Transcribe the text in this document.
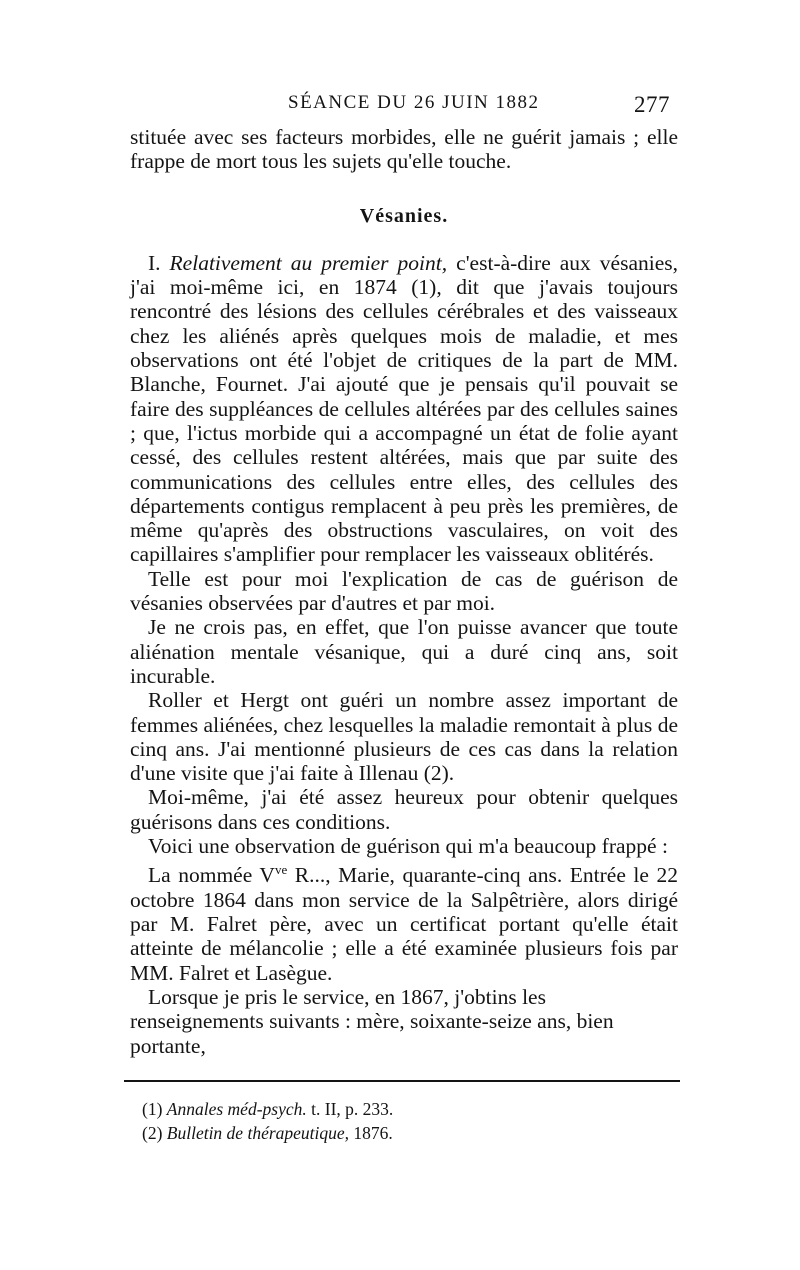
SÉANCE DU 26 JUIN 1882	277

stituée avec ses facteurs morbides, elle ne guérit jamais ; elle frappe de mort tous les sujets qu'elle touche.

Vésanies.

I. Relativement au premier point, c'est-à-dire aux vésanies, j'ai moi-même ici, en 1874 (1), dit que j'avais toujours rencontré des lésions des cellules cérébrales et des vaisseaux chez les aliénés après quelques mois de maladie, et mes observations ont été l'objet de critiques de la part de MM. Blanche, Fournet. J'ai ajouté que je pensais qu'il pouvait se faire des suppléances de cellules altérées par des cellules saines ; que, l'ictus morbide qui a accompagné un état de folie ayant cessé, des cellules restent altérées, mais que par suite des communications des cellules entre elles, des cellules des départements contigus remplacent à peu près les premières, de même qu'après des obstructions vasculaires, on voit des capillaires s'amplifier pour remplacer les vaisseaux oblitérés.

Telle est pour moi l'explication de cas de guérison de vésanies observées par d'autres et par moi.

Je ne crois pas, en effet, que l'on puisse avancer que toute aliénation mentale vésanique, qui a duré cinq ans, soit incurable.

Roller et Hergt ont guéri un nombre assez important de femmes aliénées, chez lesquelles la maladie remontait à plus de cinq ans. J'ai mentionné plusieurs de ces cas dans la relation d'une visite que j'ai faite à Illenau (2).

Moi-même, j'ai été assez heureux pour obtenir quelques guérisons dans ces conditions.

Voici une observation de guérison qui m'a beaucoup frappé :

La nommée $V^{ve}$ R..., Marie, quarante-cinq ans. Entrée le 22 octobre 1864 dans mon service de la Salpêtrière, alors dirigé par M. Falret père, avec un certificat portant qu'elle était atteinte de mélancolie ; elle a été examinée plusieurs fois par MM. Falret et Lasègue.

Lorsque je pris le service, en 1867, j'obtins les renseignements suivants : mère, soixante-seize ans, bien portante,

(1) Annales méd-psych. t. II, p. 233.

(2) Bulletin de thérapeutique, 1876.
